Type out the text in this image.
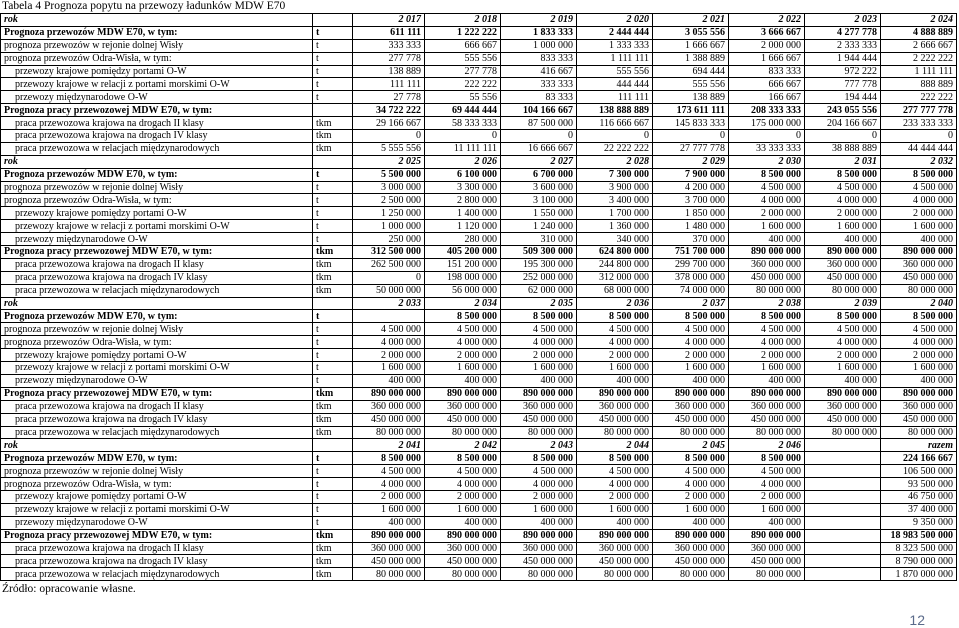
Tabela 4 Prognoza popytu na przewozy ładunków MDW E70
rok		2 017	2 018	2 019	2 020	2 021	2 022	2 023	2 024
Prognoza przewozów MDW E70, w tym:	t	611 111	1 222 222	1 833 333	2 444 444	3 055 556	3 666 667	4 277 778	4 888 889
prognoza przewozów w rejonie dolnej Wisły	t	333 333	666 667	1 000 000	1 333 333	1 666 667	2 000 000	2 333 333	2 666 667
prognoza przewozów Odra-Wisła, w tym:	t	277 778	555 556	833 333	1 111 111	1 388 889	1 666 667	1 944 444	2 222 222
przewozy krajowe pomiędzy portami O-W	t	138 889	277 778	416 667	555 556	694 444	833 333	972 222	1 111 111
przewozy krajowe w relacji z portami morskimi O-W	t	111 111	222 222	333 333	444 444	555 556	666 667	777 778	888 889
przewozy międzynarodowe O-W	t	27 778	55 556	83 333	111 111	138 889	166 667	194 444	222 222
Prognoza pracy przewozowej MDW E70, w tym:		34 722 222	69 444 444	104 166 667	138 888 889	173 611 111	208 333 333	243 055 556	277 777 778
praca przewozowa krajowa na drogach II klasy	tkm	29 166 667	58 333 333	87 500 000	116 666 667	145 833 333	175 000 000	204 166 667	233 333 333
praca przewozowa krajowa na drogach IV klasy	tkm	0	0	0	0	0	0	0	0
praca przewozowa w relacjach międzynarodowych	tkm	5 555 556	11 111 111	16 666 667	22 222 222	27 777 778	33 333 333	38 888 889	44 444 444
rok		2 025	2 026	2 027	2 028	2 029	2 030	2 031	2 032
Prognoza przewozów MDW E70, w tym:	t	5 500 000	6 100 000	6 700 000	7 300 000	7 900 000	8 500 000	8 500 000	8 500 000
prognoza przewozów w rejonie dolnej Wisły	t	3 000 000	3 300 000	3 600 000	3 900 000	4 200 000	4 500 000	4 500 000	4 500 000
prognoza przewozów Odra-Wisła, w tym:	t	2 500 000	2 800 000	3 100 000	3 400 000	3 700 000	4 000 000	4 000 000	4 000 000
przewozy krajowe pomiędzy portami O-W	t	1 250 000	1 400 000	1 550 000	1 700 000	1 850 000	2 000 000	2 000 000	2 000 000
przewozy krajowe w relacji z portami morskimi O-W	t	1 000 000	1 120 000	1 240 000	1 360 000	1 480 000	1 600 000	1 600 000	1 600 000
przewozy międzynarodowe O-W	t	250 000	280 000	310 000	340 000	370 000	400 000	400 000	400 000
Prognoza pracy przewozowej MDW E70, w tym:	tkm	312 500 000	405 200 000	509 300 000	624 800 000	751 700 000	890 000 000	890 000 000	890 000 000
praca przewozowa krajowa na drogach II klasy	tkm	262 500 000	151 200 000	195 300 000	244 800 000	299 700 000	360 000 000	360 000 000	360 000 000
praca przewozowa krajowa na drogach IV klasy	tkm	0	198 000 000	252 000 000	312 000 000	378 000 000	450 000 000	450 000 000	450 000 000
praca przewozowa w relacjach międzynarodowych	tkm	50 000 000	56 000 000	62 000 000	68 000 000	74 000 000	80 000 000	80 000 000	80 000 000
rok		2 033	2 034	2 035	2 036	2 037	2 038	2 039	2 040
Prognoza przewozów MDW E70, w tym:	t		8 500 000	8 500 000	8 500 000	8 500 000	8 500 000	8 500 000	8 500 000
prognoza przewozów w rejonie dolnej Wisły	t	4 500 000	4 500 000	4 500 000	4 500 000	4 500 000	4 500 000	4 500 000	4 500 000
prognoza przewozów Odra-Wisła, w tym:	t	4 000 000	4 000 000	4 000 000	4 000 000	4 000 000	4 000 000	4 000 000	4 000 000
przewozy krajowe pomiędzy portami O-W	t	2 000 000	2 000 000	2 000 000	2 000 000	2 000 000	2 000 000	2 000 000	2 000 000
przewozy krajowe w relacji z portami morskimi O-W	t	1 600 000	1 600 000	1 600 000	1 600 000	1 600 000	1 600 000	1 600 000	1 600 000
przewozy międzynarodowe O-W	t	400 000	400 000	400 000	400 000	400 000	400 000	400 000	400 000
Prognoza pracy przewozowej MDW E70, w tym:	tkm	890 000 000	890 000 000	890 000 000	890 000 000	890 000 000	890 000 000	890 000 000	890 000 000
praca przewozowa krajowa na drogach II klasy	tkm	360 000 000	360 000 000	360 000 000	360 000 000	360 000 000	360 000 000	360 000 000	360 000 000
praca przewozowa krajowa na drogach IV klasy	tkm	450 000 000	450 000 000	450 000 000	450 000 000	450 000 000	450 000 000	450 000 000	450 000 000
praca przewozowa w relacjach międzynarodowych	tkm	80 000 000	80 000 000	80 000 000	80 000 000	80 000 000	80 000 000	80 000 000	80 000 000
rok		2 041	2 042	2 043	2 044	2 045	2 046		razem
Prognoza przewozów MDW E70, w tym:	t	8 500 000	8 500 000	8 500 000	8 500 000	8 500 000	8 500 000		224 166 667
prognoza przewozów w rejonie dolnej Wisły	t	4 500 000	4 500 000	4 500 000	4 500 000	4 500 000	4 500 000		106 500 000
prognoza przewozów Odra-Wisła, w tym:	t	4 000 000	4 000 000	4 000 000	4 000 000	4 000 000	4 000 000		93 500 000
przewozy krajowe pomiędzy portami O-W	t	2 000 000	2 000 000	2 000 000	2 000 000	2 000 000	2 000 000		46 750 000
przewozy krajowe w relacji z portami morskimi O-W	t	1 600 000	1 600 000	1 600 000	1 600 000	1 600 000	1 600 000		37 400 000
przewozy międzynarodowe O-W	t	400 000	400 000	400 000	400 000	400 000	400 000		9 350 000
Prognoza pracy przewozowej MDW E70, w tym:	tkm	890 000 000	890 000 000	890 000 000	890 000 000	890 000 000	890 000 000		18 983 500 000
praca przewozowa krajowa na drogach II klasy	tkm	360 000 000	360 000 000	360 000 000	360 000 000	360 000 000	360 000 000		8 323 500 000
praca przewozowa krajowa na drogach IV klasy	tkm	450 000 000	450 000 000	450 000 000	450 000 000	450 000 000	450 000 000		8 790 000 000
praca przewozowa w relacjach międzynarodowych	tkm	80 000 000	80 000 000	80 000 000	80 000 000	80 000 000	80 000 000		1 870 000 000
Źródło: opracowanie własne.
12
